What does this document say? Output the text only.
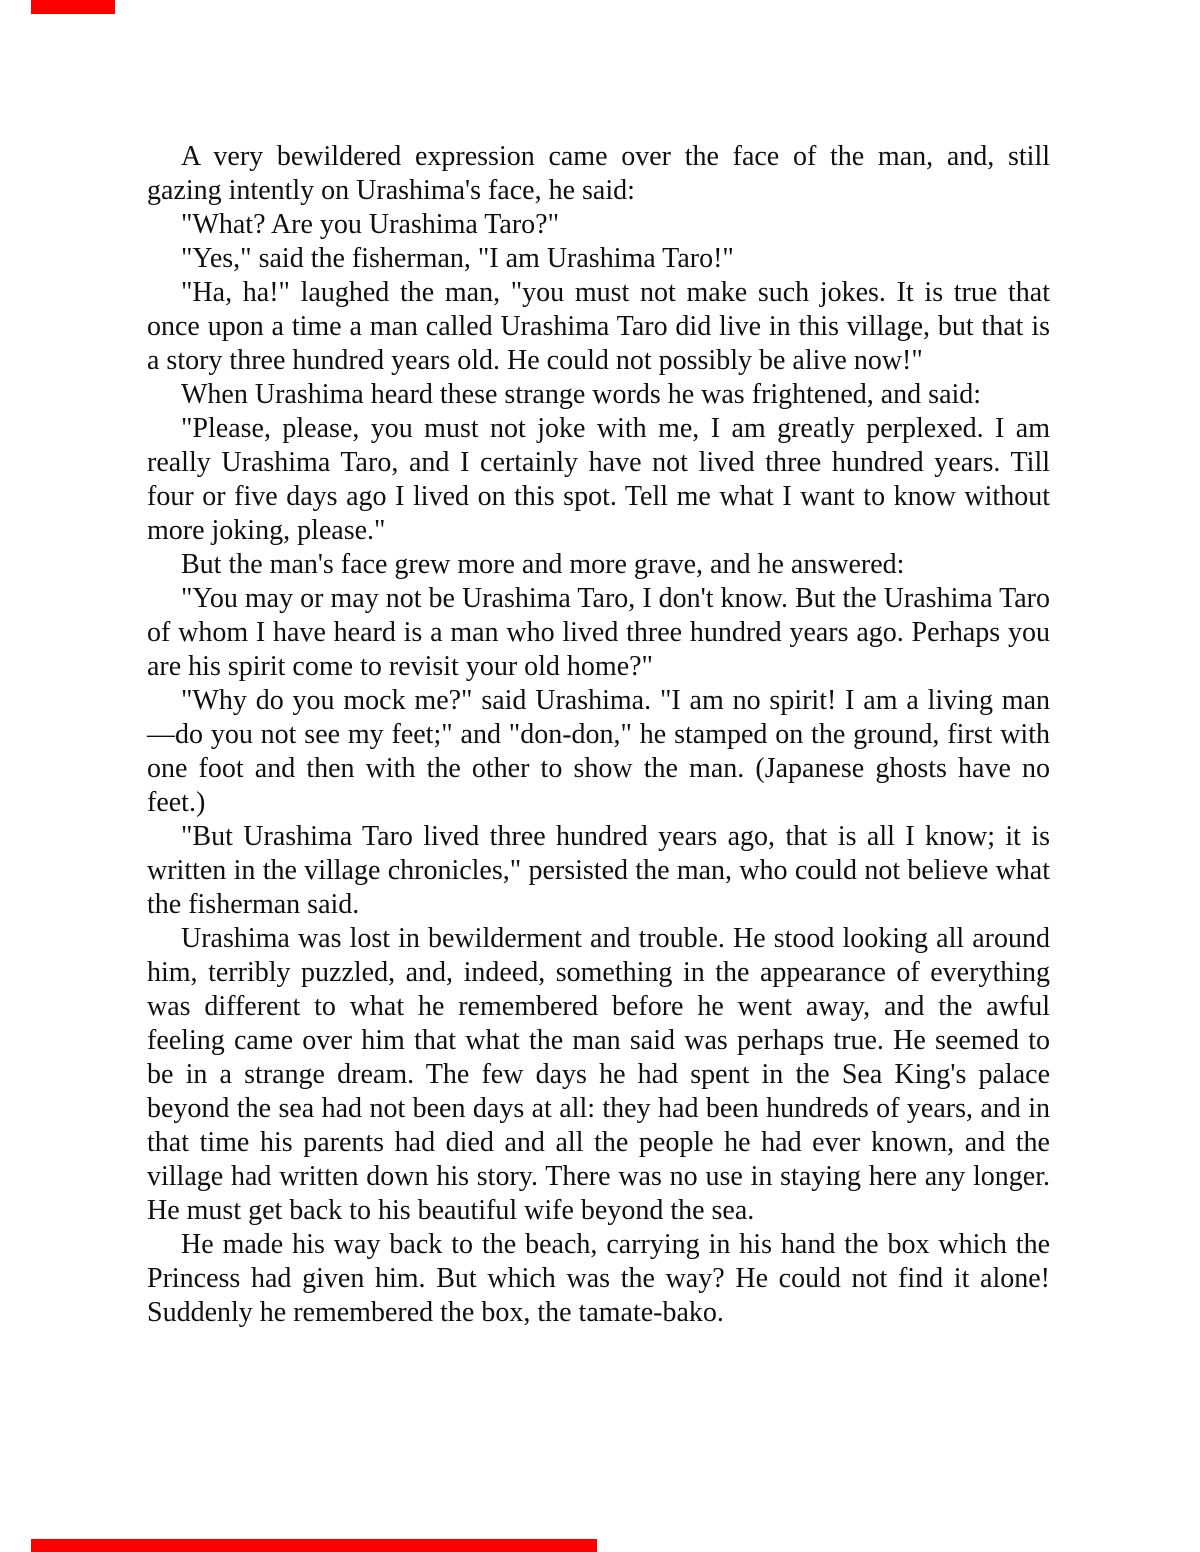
A very bewildered expression came over the face of the man, and, still gazing intently on Urashima's face, he said:

"What? Are you Urashima Taro?"

"Yes," said the fisherman, "I am Urashima Taro!"

"Ha, ha!" laughed the man, "you must not make such jokes. It is true that once upon a time a man called Urashima Taro did live in this village, but that is a story three hundred years old. He could not possibly be alive now!"

When Urashima heard these strange words he was frightened, and said:

"Please, please, you must not joke with me, I am greatly perplexed. I am really Urashima Taro, and I certainly have not lived three hundred years. Till four or five days ago I lived on this spot. Tell me what I want to know without more joking, please."

But the man's face grew more and more grave, and he answered:

"You may or may not be Urashima Taro, I don't know. But the Urashima Taro of whom I have heard is a man who lived three hundred years ago. Perhaps you are his spirit come to revisit your old home?"

"Why do you mock me?" said Urashima. "I am no spirit! I am a living man—do you not see my feet;" and "don-don," he stamped on the ground, first with one foot and then with the other to show the man. (Japanese ghosts have no feet.)

"But Urashima Taro lived three hundred years ago, that is all I know; it is written in the village chronicles," persisted the man, who could not believe what the fisherman said.

Urashima was lost in bewilderment and trouble. He stood looking all around him, terribly puzzled, and, indeed, something in the appearance of everything was different to what he remembered before he went away, and the awful feeling came over him that what the man said was perhaps true. He seemed to be in a strange dream. The few days he had spent in the Sea King's palace beyond the sea had not been days at all: they had been hundreds of years, and in that time his parents had died and all the people he had ever known, and the village had written down his story. There was no use in staying here any longer. He must get back to his beautiful wife beyond the sea.

He made his way back to the beach, carrying in his hand the box which the Princess had given him. But which was the way? He could not find it alone! Suddenly he remembered the box, the tamate-bako.
